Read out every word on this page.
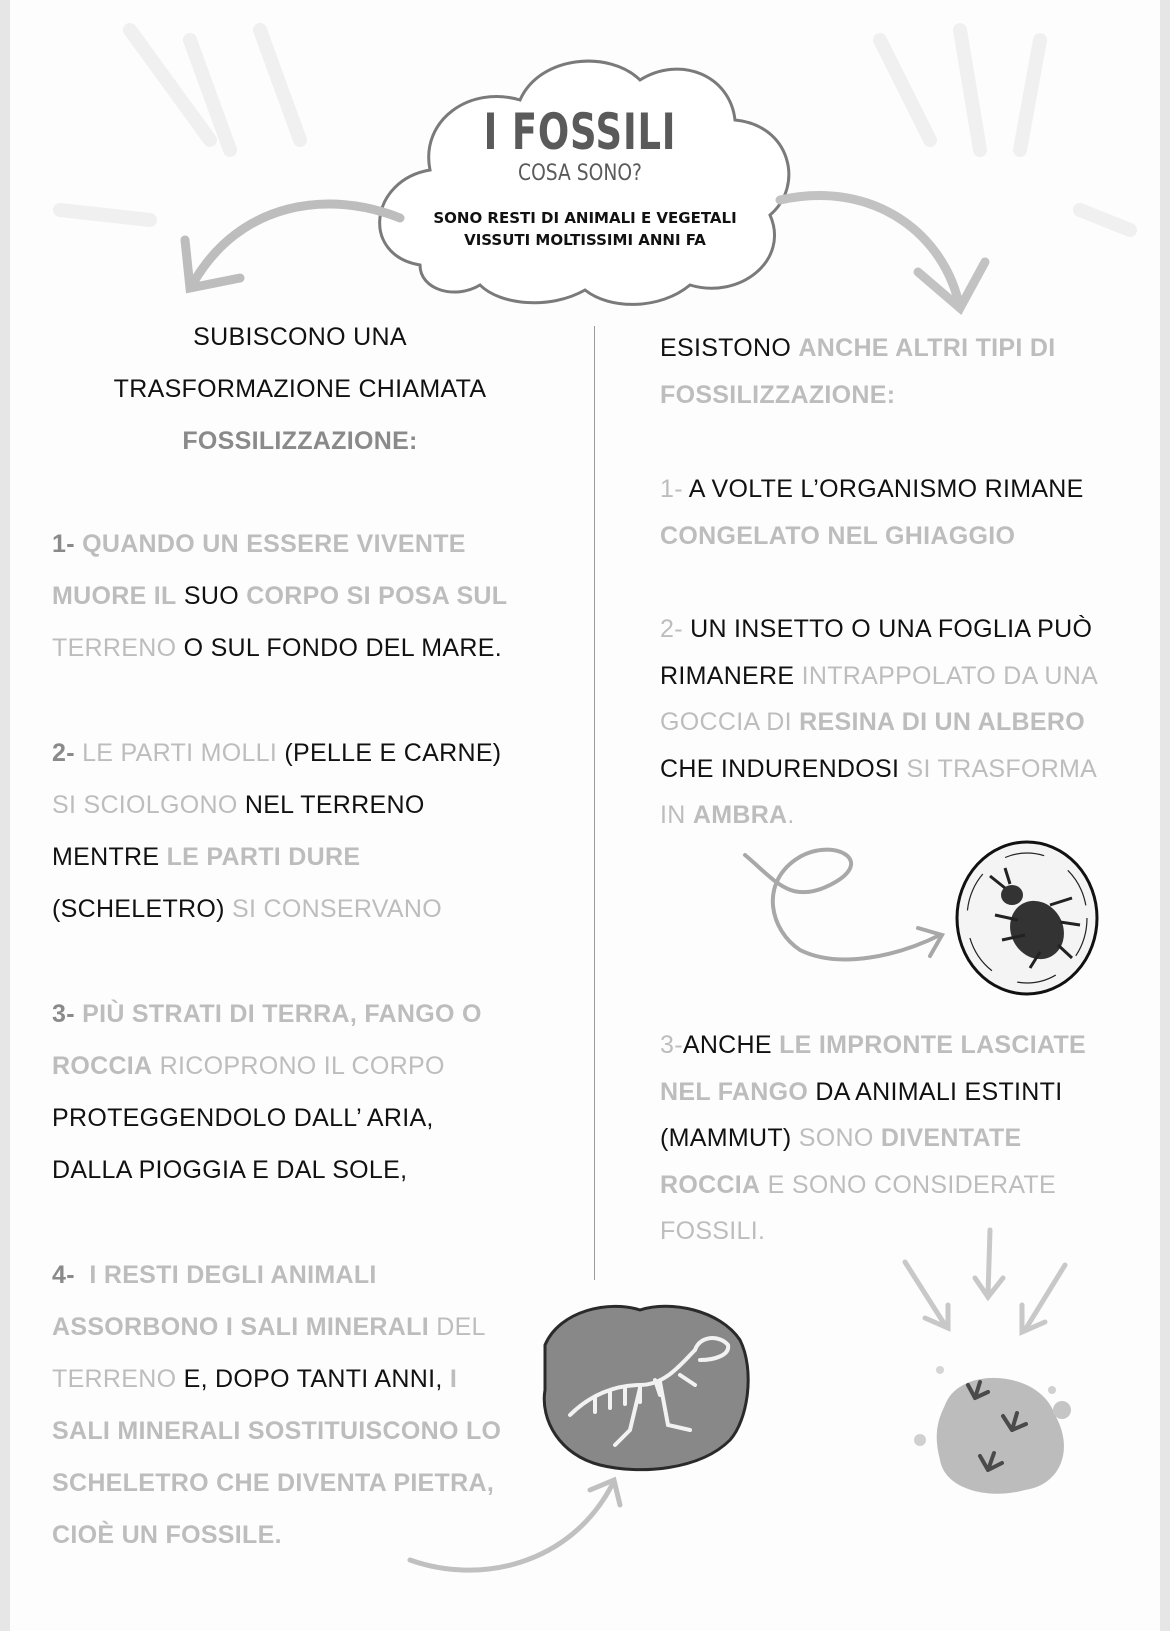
I FOSSILI
COSA SONO?
SONO RESTI DI ANIMALI E VEGETALI
VISSUTI MOLTISSIMI ANNI FA
SUBISCONO UNA
TRASFORMAZIONE CHIAMATA
FOSSILIZZAZIONE:
1- QUANDO UN ESSERE VIVENTE
MUORE IL SUO CORPO SI POSA SUL
TERRENO O SUL FONDO DEL MARE.
2- LE PARTI MOLLI (PELLE E CARNE)
SI SCIOLGONO NEL TERRENO
MENTRE LE PARTI DURE
(SCHELETRO) SI CONSERVANO
3- PIÙ STRATI DI TERRA, FANGO O
ROCCIA RICOPRONO IL CORPO
PROTEGGENDOLO DALL’ ARIA,
DALLA PIOGGIA E DAL SOLE,
4- I RESTI DEGLI ANIMALI
ASSORBONO I SALI MINERALI DEL
TERRENO E, DOPO TANTI ANNI, I
SALI MINERALI SOSTITUISCONO LO
SCHELETRO CHE DIVENTA PIETRA,
CIOÈ UN FOSSILE.
ESISTONO ANCHE ALTRI TIPI DI
FOSSILIZZAZIONE:
1- A VOLTE L’ORGANISMO RIMANE
CONGELATO NEL GHIAGGIO
2- UN INSETTO O UNA FOGLIA PUÒ
RIMANERE INTRAPPOLATO DA UNA
GOCCIA DI RESINA DI UN ALBERO
CHE INDURENDOSI SI TRASFORMA
IN AMBRA.
3-ANCHE LE IMPRONTE LASCIATE
NEL FANGO DA ANIMALI ESTINTI
(MAMMUT) SONO DIVENTATE
ROCCIA E SONO CONSIDERATE
FOSSILI.
